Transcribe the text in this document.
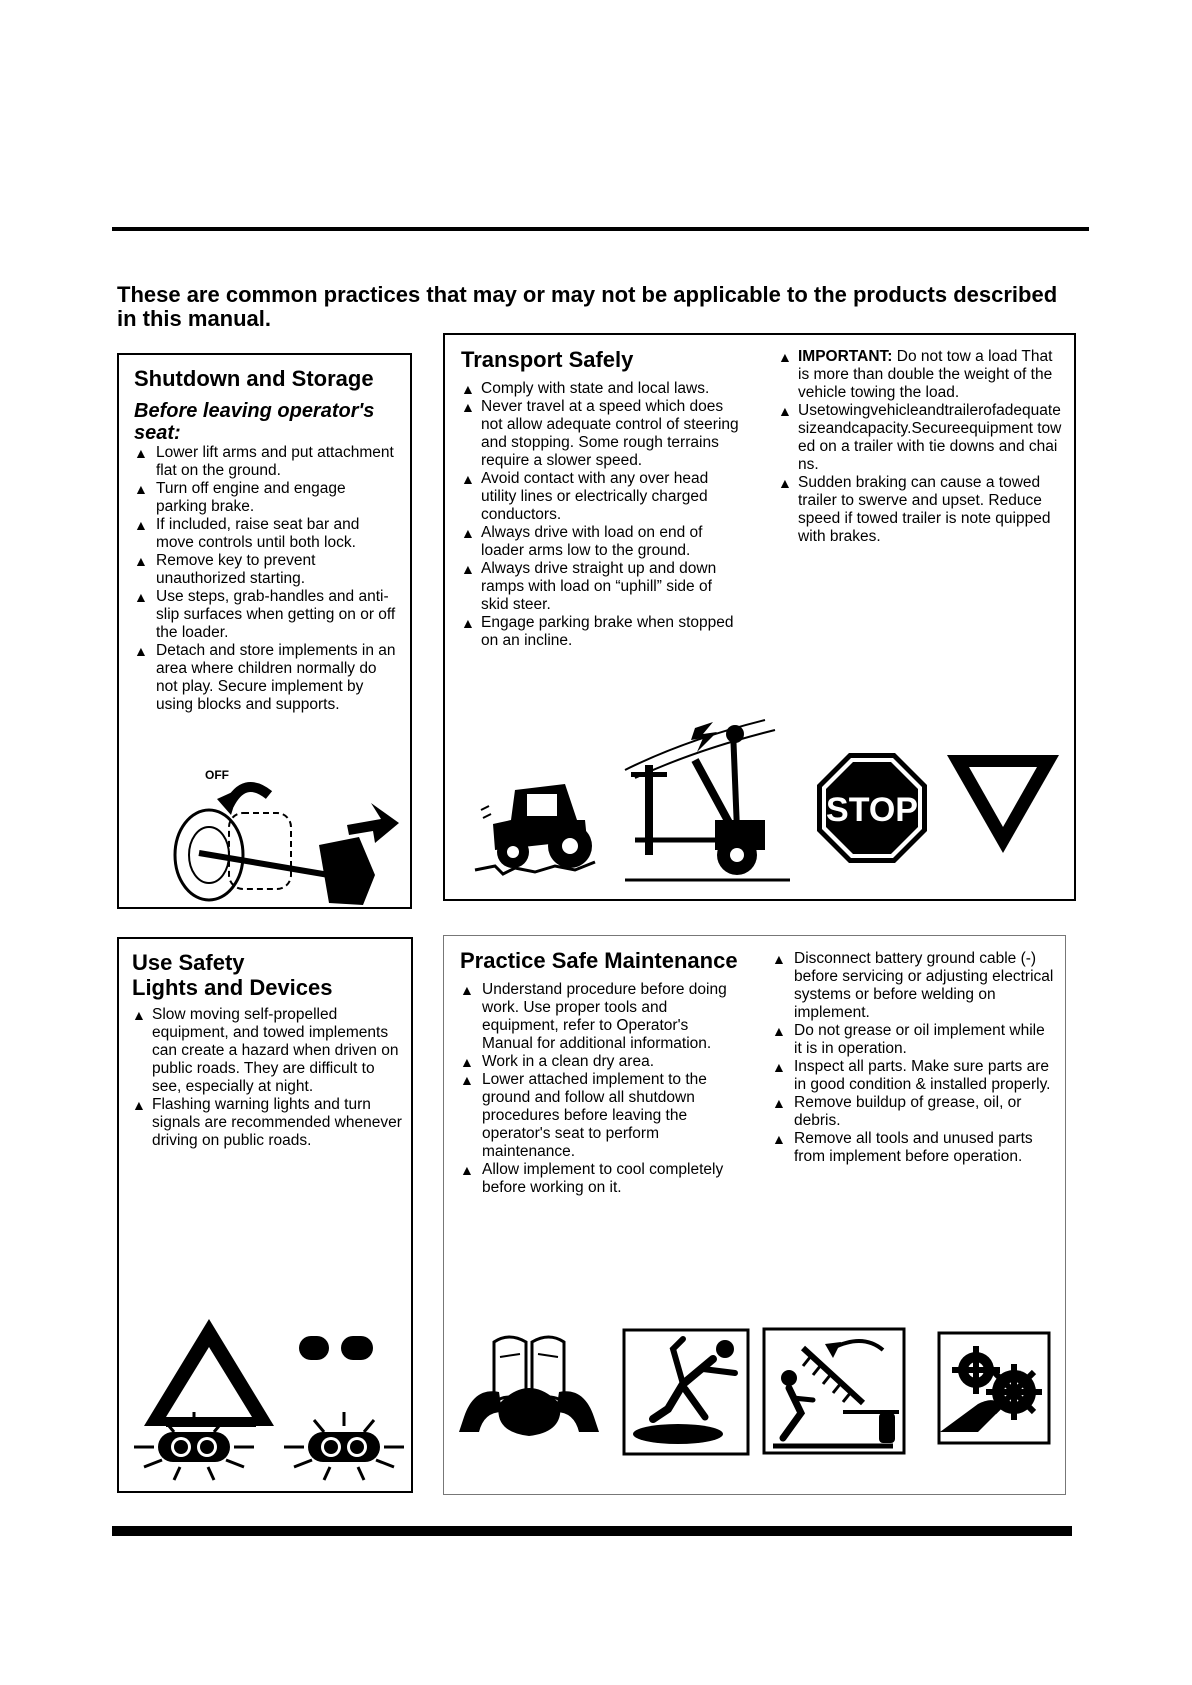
These are common practices that may or may not be applicable to the products described in this manual.
Shutdown and Storage
Before leaving operator's seat:
▲ Lower lift arms and put attachment flat on the ground.
▲ Turn off engine and engage parking brake.
▲ If included, raise seat bar and move controls until both lock.
▲ Remove key to prevent unauthorized starting.
▲ Use steps, grab-handles and anti-slip surfaces when getting on or off the loader.
▲ Detach and store implements in an area where children normally do not play. Secure implement by using blocks and supports.
OFF
Transport Safely
▲ Comply with state and local laws.
▲ Never travel at a speed which does not allow adequate control of steering and stopping. Some rough terrains require a slower speed.
▲ Avoid contact with any over head utility lines or electrically charged conductors.
▲ Always drive with load on end of loader arms low to the ground.
▲ Always drive straight up and down ramps with load on “uphill” side of skid steer.
▲ Engage parking brake when stopped on an incline.
▲ IMPORTANT: Do not tow a load That is more than double the weight of the vehicle towing the load.
▲ Usetowingvehicleandtrailerofadequatesizeandcapacity.Secureequipment towed on a trailer with tie downs and chains.
▲ Sudden braking can cause a towed trailer to swerve and upset. Reduce speed if towed trailer is note quipped with brakes.
STOP
Use Safety
Lights and Devices
▲ Slow moving self-propelled equipment, and towed implements can create a hazard when driven on public roads. They are difficult to see, especially at night.
▲ Flashing warning lights and turn signals are recommended whenever driving on public roads.
Practice Safe Maintenance
▲ Understand procedure before doing work. Use proper tools and equipment, refer to Operator's Manual for additional information.
▲ Work in a clean dry area.
▲ Lower attached implement to the ground and follow all shutdown procedures before leaving the operator's seat to perform maintenance.
▲ Allow implement to cool completely before working on it.
▲ Disconnect battery ground cable (-) before servicing or adjusting electrical systems or before welding on implement.
▲ Do not grease or oil implement while it is in operation.
▲ Inspect all parts. Make sure parts are in good condition & installed properly.
▲ Remove buildup of grease, oil, or debris.
▲ Remove all tools and unused parts from implement before operation.
